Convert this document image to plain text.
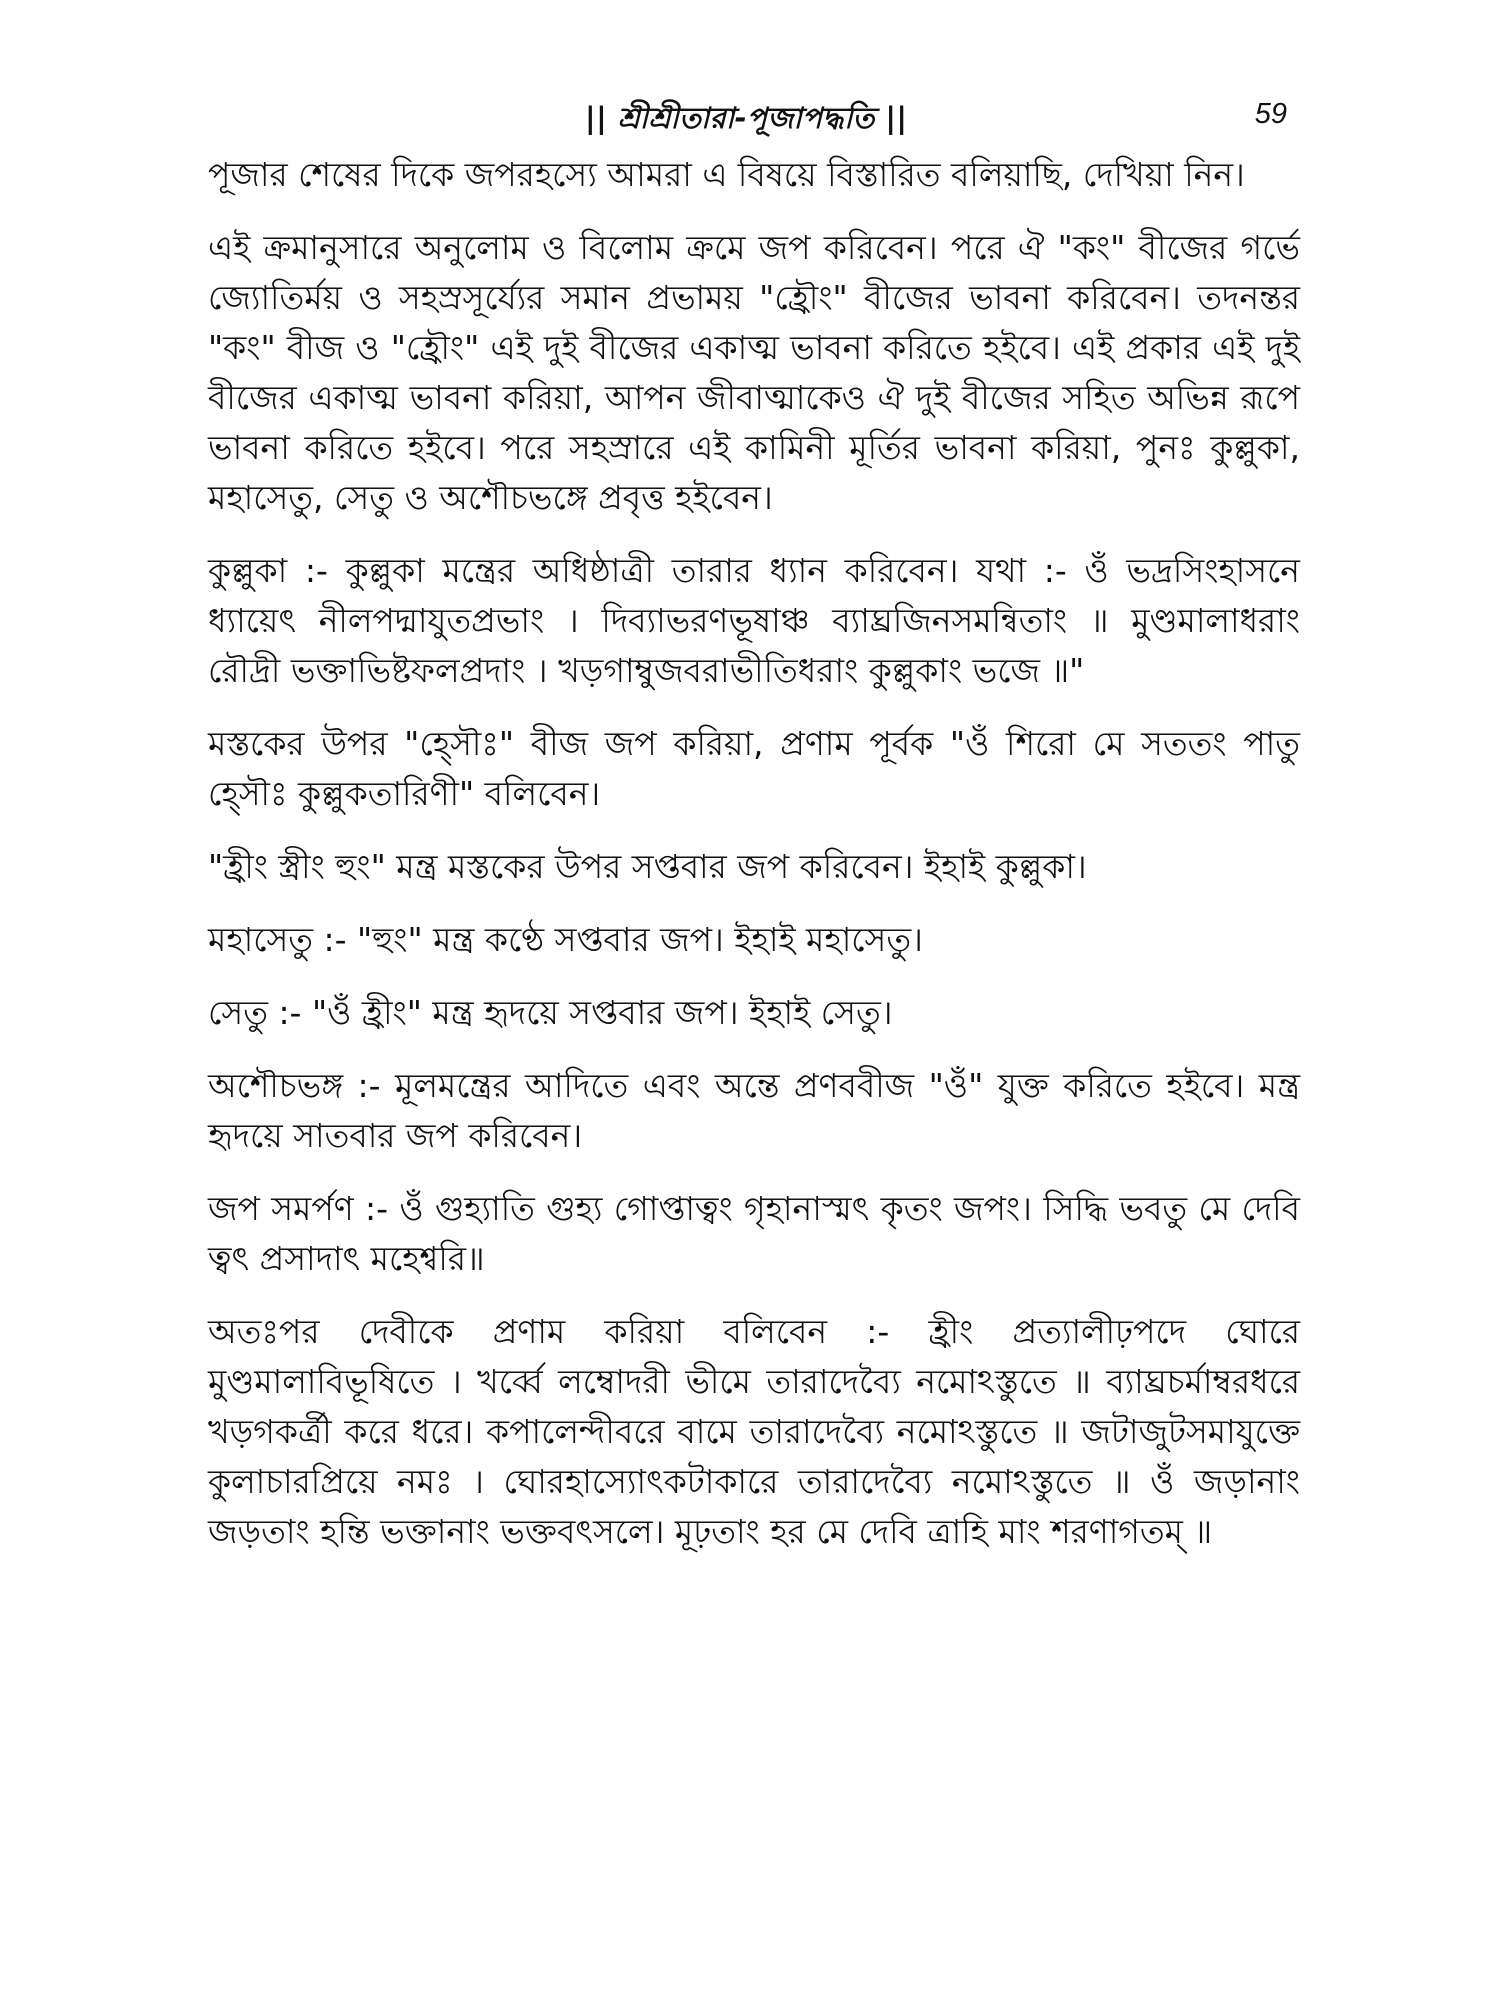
|| শ্রীশ্রীতারা-পূজাপদ্ধতি ||	59

পূজার শেষের দিকে জপরহস্যে আমরা এ বিষয়ে বিস্তারিত বলিয়াছি, দেখিয়া নিন।

এই ক্রমানুসারে অনুলোম ও বিলোম ক্রমে জপ করিবেন। পরে ঐ "কং" বীজের গর্ভে জ্যোতির্ময় ও সহস্রসূর্য্যের সমান প্রভাময় "হ্রৌং" বীজের ভাবনা করিবেন। তদনন্তর "কং" বীজ ও "হ্রৌং" এই দুই বীজের একাত্ম ভাবনা করিতে হইবে। এই প্রকার এই দুই বীজের একাত্ম ভাবনা করিয়া, আপন জীবাত্মাকেও ঐ দুই বীজের সহিত অভিন্ন রূপে ভাবনা করিতে হইবে। পরে সহস্রারে এই কামিনী মূর্তির ভাবনা করিয়া, পুনঃ কুল্লুকা, মহাসেতু, সেতু ও অশৌচভঙ্গে প্রবৃত্ত হইবেন।

কুল্লুকা :- কুল্লুকা মন্ত্রের অধিষ্ঠাত্রী তারার ধ্যান করিবেন। যথা :- ওঁ ভদ্রসিংহাসনে ধ্যায়েৎ নীলপদ্মাযুতপ্রভাং । দিব্যাভরণভূষাঞ্চ ব্যাঘ্রজিনসমন্বিতাং ॥ মুণ্ডমালাধরাং রৌদ্রী ভক্তাভিষ্টফলপ্রদাং । খড়গাম্বুজবরাভীতিধরাং কুল্লুকাং ভজে ॥"

মস্তকের উপর "হ্সৌঃ" বীজ জপ করিয়া, প্রণাম পূর্বক "ওঁ শিরো মে সততং পাতু হ্সৌঃ কুল্লুকতারিণী" বলিবেন।

"হ্রীং স্ত্রীং হুং" মন্ত্র মস্তকের উপর সপ্তবার জপ করিবেন। ইহাই কুল্লুকা।

মহাসেতু :- "হুং" মন্ত্র কণ্ঠে সপ্তবার জপ। ইহাই মহাসেতু।

সেতু :- "ওঁ হ্রীং" মন্ত্র হৃদয়ে সপ্তবার জপ। ইহাই সেতু।

অশৌচভঙ্গ :- মূলমন্ত্রের আদিতে এবং অন্তে প্রণববীজ "ওঁ" যুক্ত করিতে হইবে। মন্ত্র হৃদয়ে সাতবার জপ করিবেন।

জপ সমর্পণ :- ওঁ গুহ্যাতি গুহ্য গোপ্তাত্বং গৃহানাস্মৎ কৃতং জপং। সিদ্ধি ভবতু মে দেবি ত্বৎ প্রসাদাৎ মহেশ্বরি॥

অতঃপর দেবীকে প্রণাম করিয়া বলিবেন :- হ্রীং প্রত্যালীঢ়পদে ঘোরে মুণ্ডমালাবিভূষিতে । খর্ব্বে লম্বোদরী ভীমে তারাদেব্যৈ নমোঽস্তুতে ॥ ব্যাঘ্রচর্মাম্বরধরে খড়গকর্ত্রী করে ধরে। কপালেন্দীবরে বামে তারাদেব্যৈ নমোঽস্তুতে ॥ জটাজুটসমাযুক্তে কুলাচারপ্রিয়ে নমঃ । ঘোরহাস্যোৎকটাকারে তারাদেব্যৈ নমোঽস্তুতে ॥ ওঁ জড়ানাং জড়তাং হন্তি ভক্তানাং ভক্তবৎসলে। মূঢ়তাং হর মে দেবি ত্রাহি মাং শরণাগতম্ ॥
